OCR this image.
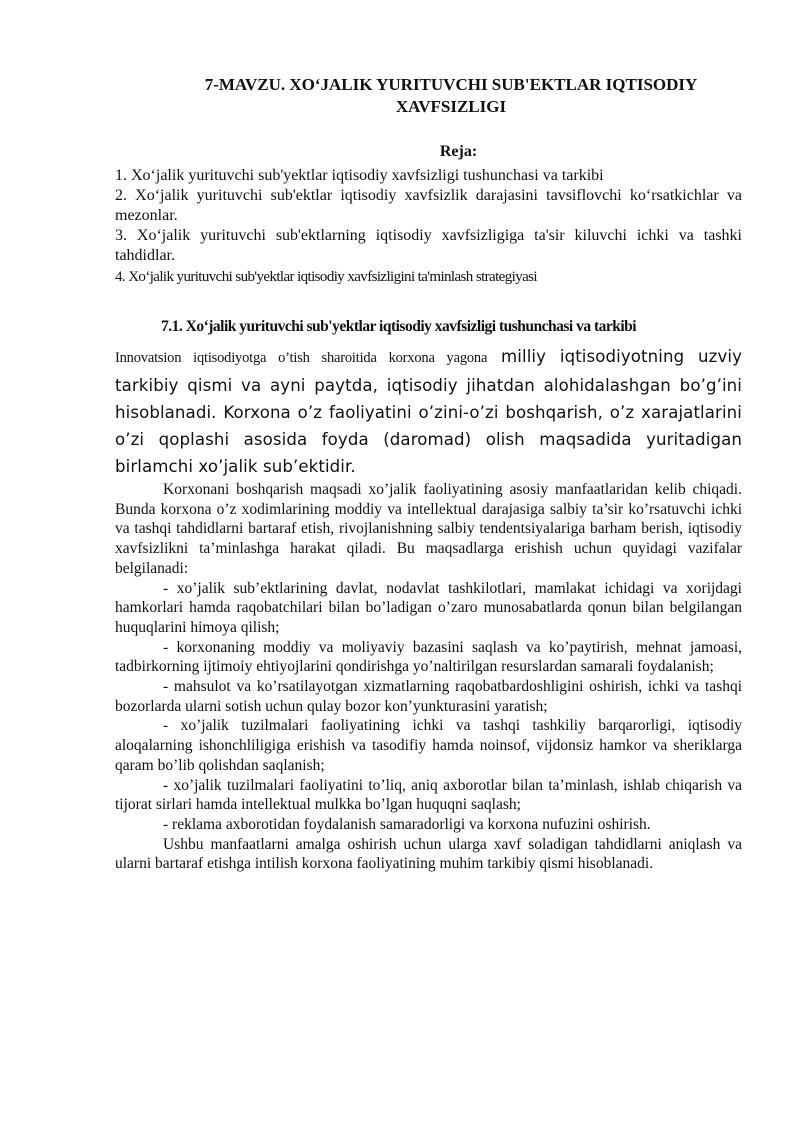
7-MAVZU. XO‘JALIK YURITUVCHI SUB'EKTLAR IQTISODIY
XAVFSIZLIGI
Reja:

1. Xo‘jalik yurituvchi sub'yektlar iqtisodiy xavfsizligi tushunchasi va tarkibi

2. Xo‘jalik yurituvchi sub'ektlar iqtisodiy xavfsizlik darajasini tavsiflovchi ko‘rsatkichlar va mezonlar.

3. Xo‘jalik yurituvchi sub'ektlarning iqtisodiy xavfsizligiga ta'sir kiluvchi ichki va tashki tahdidlar.

4. Xo‘jalik yurituvchi sub'yektlar iqtisodiy xavfsizligini ta'minlash strategiyasi

7.1. Xo‘jalik yurituvchi sub'yektlar iqtisodiy xavfsizligi tushunchasi va tarkibi

Innovatsion iqtisodiyotga o’tish sharoitida korxona yagona milliy iqtisodiyotning uzviy tarkibiy qismi va ayni paytda, iqtisodiy jihatdan alohidalashgan bo’g’ini hisoblanadi. Korxona o’z faoliyatini o’zini-o’zi boshqarish, o’z xarajatlarini o’zi qoplashi asosida foyda (daromad) olish maqsadida yuritadigan birlamchi xo’jalik sub’ektidir.

Korxonani boshqarish maqsadi xo’jalik faoliyatining asosiy manfaatlaridan kelib chiqadi. Bunda korxona o’z xodimlarining moddiy va intellektual darajasiga salbiy ta’sir ko’rsatuvchi ichki va tashqi tahdidlarni bartaraf etish, rivojlanishning salbiy tendentsiyalariga barham berish, iqtisodiy xavfsizlikni ta’minlashga harakat qiladi. Bu maqsadlarga erishish uchun quyidagi vazifalar belgilanadi:

- xo’jalik sub’ektlarining davlat, nodavlat tashkilotlari, mamlakat ichidagi va xorijdagi hamkorlari hamda raqobatchilari bilan bo’ladigan o’zaro munosabatlarda qonun bilan belgilangan huquqlarini himoya qilish;

- korxonaning moddiy va moliyaviy bazasini saqlash va ko’paytirish, mehnat jamoasi, tadbirkorning ijtimoiy ehtiyojlarini qondirishga yo’naltirilgan resurslardan samarali foydalanish;

- mahsulot va ko’rsatilayotgan xizmatlarning raqobatbardoshligini oshirish, ichki va tashqi bozorlarda ularni sotish uchun qulay bozor kon’yunkturasini yaratish;

- xo’jalik tuzilmalari faoliyatining ichki va tashqi tashkiliy barqarorligi, iqtisodiy aloqalarning ishonchliligiga erishish va tasodifiy hamda noinsof, vijdonsiz hamkor va sheriklarga qaram bo’lib qolishdan saqlanish;

- xo’jalik tuzilmalari faoliyatini to’liq, aniq axborotlar bilan ta’minlash, ishlab chiqarish va tijorat sirlari hamda intellektual mulkka bo’lgan huquqni saqlash;

- reklama axborotidan foydalanish samaradorligi va korxona nufuzini oshirish.

Ushbu manfaatlarni amalga oshirish uchun ularga xavf soladigan tahdidlarni aniqlash va ularni bartaraf etishga intilish korxona faoliyatining muhim tarkibiy qismi hisoblanadi.
